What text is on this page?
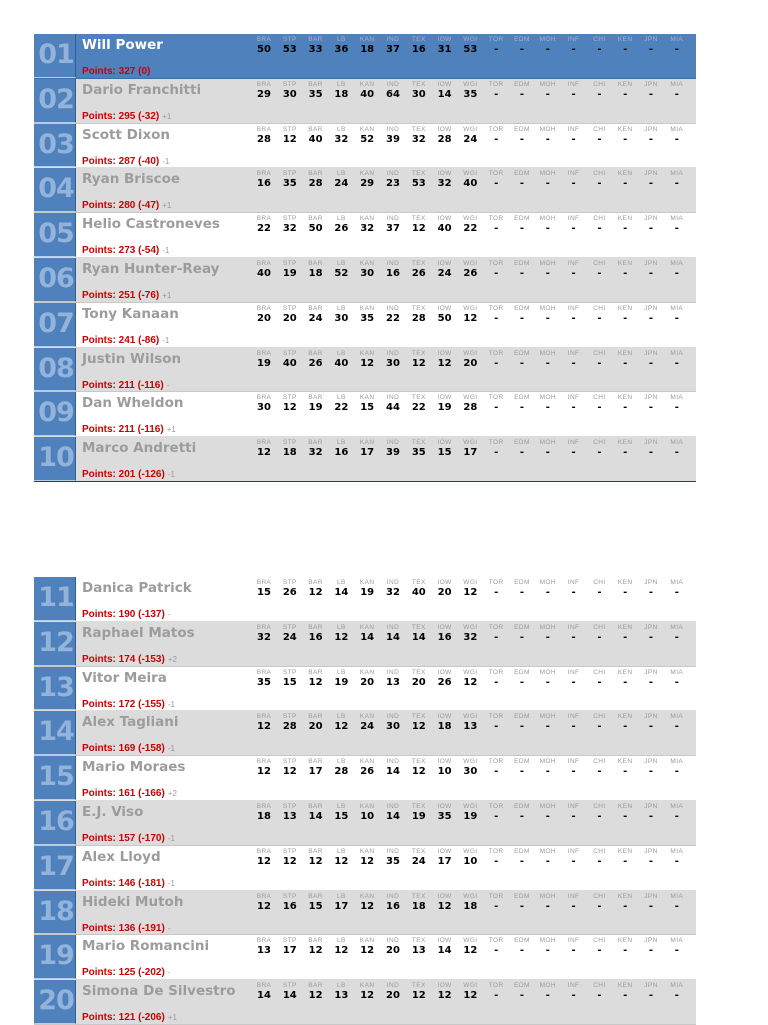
01 Will Power
Points: 327 (0)
BRA
50
STP
53
BAR
33
LB
36
KAN
18
IND
37
TEX
16
IOW
31
WGI
53
TOR
-
EDM
-
MOH
-
INF
-
CHI
-
KEN
-
JPN
-
MIA
-
02 Dario Franchitti
Points: 295 (-32) +1
BRA
29
STP
30
BAR
35
LB
18
KAN
40
IND
64
TEX
30
IOW
14
WGI
35
TOR
-
EDM
-
MOH
-
INF
-
CHI
-
KEN
-
JPN
-
MIA
-
03 Scott Dixon
Points: 287 (-40) -1
BRA
28
STP
12
BAR
40
LB
32
KAN
52
IND
39
TEX
32
IOW
28
WGI
24
TOR
-
EDM
-
MOH
-
INF
-
CHI
-
KEN
-
JPN
-
MIA
-
04 Ryan Briscoe
Points: 280 (-47) +1
BRA
16
STP
35
BAR
28
LB
24
KAN
29
IND
23
TEX
53
IOW
32
WGI
40
TOR
-
EDM
-
MOH
-
INF
-
CHI
-
KEN
-
JPN
-
MIA
-
05 Helio Castroneves
Points: 273 (-54) -1
BRA
22
STP
32
BAR
50
LB
26
KAN
32
IND
37
TEX
12
IOW
40
WGI
22
TOR
-
EDM
-
MOH
-
INF
-
CHI
-
KEN
-
JPN
-
MIA
-
06 Ryan Hunter-Reay
Points: 251 (-76) +1
BRA
40
STP
19
BAR
18
LB
52
KAN
30
IND
16
TEX
26
IOW
24
WGI
26
TOR
-
EDM
-
MOH
-
INF
-
CHI
-
KEN
-
JPN
-
MIA
-
07 Tony Kanaan
Points: 241 (-86) -1
BRA
20
STP
20
BAR
24
LB
30
KAN
35
IND
22
TEX
28
IOW
50
WGI
12
TOR
-
EDM
-
MOH
-
INF
-
CHI
-
KEN
-
JPN
-
MIA
-
08 Justin Wilson
Points: 211 (-116) -
BRA
19
STP
40
BAR
26
LB
40
KAN
12
IND
30
TEX
12
IOW
12
WGI
20
TOR
-
EDM
-
MOH
-
INF
-
CHI
-
KEN
-
JPN
-
MIA
-
09 Dan Wheldon
Points: 211 (-116) +1
BRA
30
STP
12
BAR
19
LB
22
KAN
15
IND
44
TEX
22
IOW
19
WGI
28
TOR
-
EDM
-
MOH
-
INF
-
CHI
-
KEN
-
JPN
-
MIA
-
10 Marco Andretti
Points: 201 (-126) -1
BRA
12
STP
18
BAR
32
LB
16
KAN
17
IND
39
TEX
35
IOW
15
WGI
17
TOR
-
EDM
-
MOH
-
INF
-
CHI
-
KEN
-
JPN
-
MIA
-
11 Danica Patrick
Points: 190 (-137) -
BRA
15
STP
26
BAR
12
LB
14
KAN
19
IND
32
TEX
40
IOW
20
WGI
12
TOR
-
EDM
-
MOH
-
INF
-
CHI
-
KEN
-
JPN
-
MIA
-
12 Raphael Matos
Points: 174 (-153) +2
BRA
32
STP
24
BAR
16
LB
12
KAN
14
IND
14
TEX
14
IOW
16
WGI
32
TOR
-
EDM
-
MOH
-
INF
-
CHI
-
KEN
-
JPN
-
MIA
-
13 Vitor Meira
Points: 172 (-155) -1
BRA
35
STP
15
BAR
12
LB
19
KAN
20
IND
13
TEX
20
IOW
26
WGI
12
TOR
-
EDM
-
MOH
-
INF
-
CHI
-
KEN
-
JPN
-
MIA
-
14 Alex Tagliani
Points: 169 (-158) -1
BRA
12
STP
28
BAR
20
LB
12
KAN
24
IND
30
TEX
12
IOW
18
WGI
13
TOR
-
EDM
-
MOH
-
INF
-
CHI
-
KEN
-
JPN
-
MIA
-
15 Mario Moraes
Points: 161 (-166) +2
BRA
12
STP
12
BAR
17
LB
28
KAN
26
IND
14
TEX
12
IOW
10
WGI
30
TOR
-
EDM
-
MOH
-
INF
-
CHI
-
KEN
-
JPN
-
MIA
-
16 E.J. Viso
Points: 157 (-170) -1
BRA
18
STP
13
BAR
14
LB
15
KAN
10
IND
14
TEX
19
IOW
35
WGI
19
TOR
-
EDM
-
MOH
-
INF
-
CHI
-
KEN
-
JPN
-
MIA
-
17 Alex Lloyd
Points: 146 (-181) -1
BRA
12
STP
12
BAR
12
LB
12
KAN
12
IND
35
TEX
24
IOW
17
WGI
10
TOR
-
EDM
-
MOH
-
INF
-
CHI
-
KEN
-
JPN
-
MIA
-
18 Hideki Mutoh
Points: 136 (-191) -
BRA
12
STP
16
BAR
15
LB
17
KAN
12
IND
16
TEX
18
IOW
12
WGI
18
TOR
-
EDM
-
MOH
-
INF
-
CHI
-
KEN
-
JPN
-
MIA
-
19 Mario Romancini
Points: 125 (-202) -
BRA
13
STP
17
BAR
12
LB
12
KAN
12
IND
20
TEX
13
IOW
14
WGI
12
TOR
-
EDM
-
MOH
-
INF
-
CHI
-
KEN
-
JPN
-
MIA
-
20 Simona De Silvestro
Points: 121 (-206) +1
BRA
14
STP
14
BAR
12
LB
13
KAN
12
IND
20
TEX
12
IOW
12
WGI
12
TOR
-
EDM
-
MOH
-
INF
-
CHI
-
KEN
-
JPN
-
MIA
-
